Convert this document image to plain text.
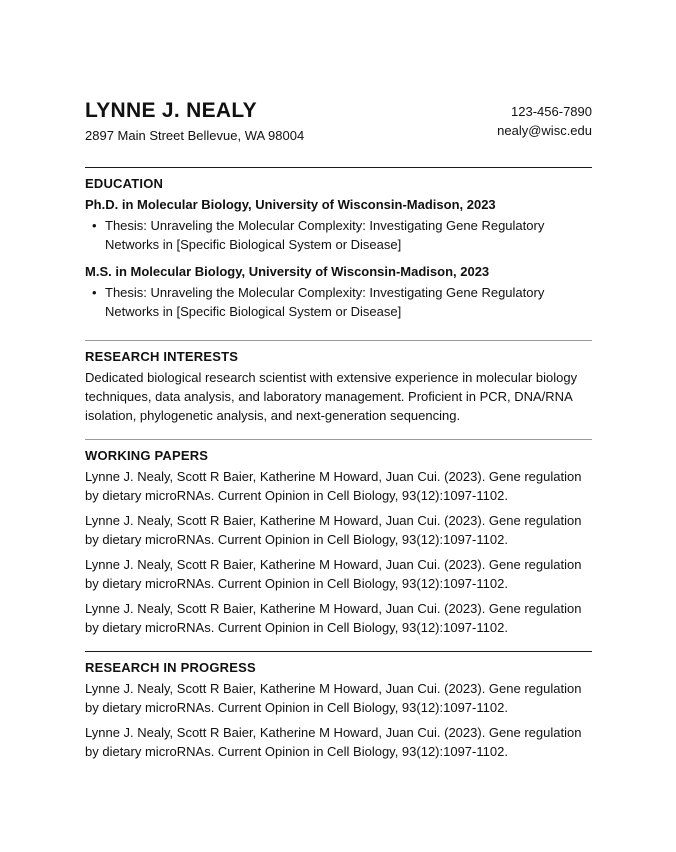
LYNNE J. NEALY
2897 Main Street Bellevue, WA 98004
123-456-7890
nealy@wisc.edu
EDUCATION
Ph.D. in Molecular Biology, University of Wisconsin-Madison, 2023
• Thesis: Unraveling the Molecular Complexity: Investigating Gene Regulatory Networks in [Specific Biological System or Disease]
M.S. in Molecular Biology, University of Wisconsin-Madison, 2023
• Thesis: Unraveling the Molecular Complexity: Investigating Gene Regulatory Networks in [Specific Biological System or Disease]
RESEARCH INTERESTS

Dedicated biological research scientist with extensive experience in molecular biology techniques, data analysis, and laboratory management. Proficient in PCR, DNA/RNA isolation, phylogenetic analysis, and next-generation sequencing.

WORKING PAPERS

Lynne J. Nealy, Scott R Baier, Katherine M Howard, Juan Cui. (2023). Gene regulation by dietary microRNAs. Current Opinion in Cell Biology, 93(12):1097-1102.

Lynne J. Nealy, Scott R Baier, Katherine M Howard, Juan Cui. (2023). Gene regulation by dietary microRNAs. Current Opinion in Cell Biology, 93(12):1097-1102.

Lynne J. Nealy, Scott R Baier, Katherine M Howard, Juan Cui. (2023). Gene regulation by dietary microRNAs. Current Opinion in Cell Biology, 93(12):1097-1102.

Lynne J. Nealy, Scott R Baier, Katherine M Howard, Juan Cui. (2023). Gene regulation by dietary microRNAs. Current Opinion in Cell Biology, 93(12):1097-1102.

RESEARCH IN PROGRESS

Lynne J. Nealy, Scott R Baier, Katherine M Howard, Juan Cui. (2023). Gene regulation by dietary microRNAs. Current Opinion in Cell Biology, 93(12):1097-1102.

Lynne J. Nealy, Scott R Baier, Katherine M Howard, Juan Cui. (2023). Gene regulation by dietary microRNAs. Current Opinion in Cell Biology, 93(12):1097-1102.
